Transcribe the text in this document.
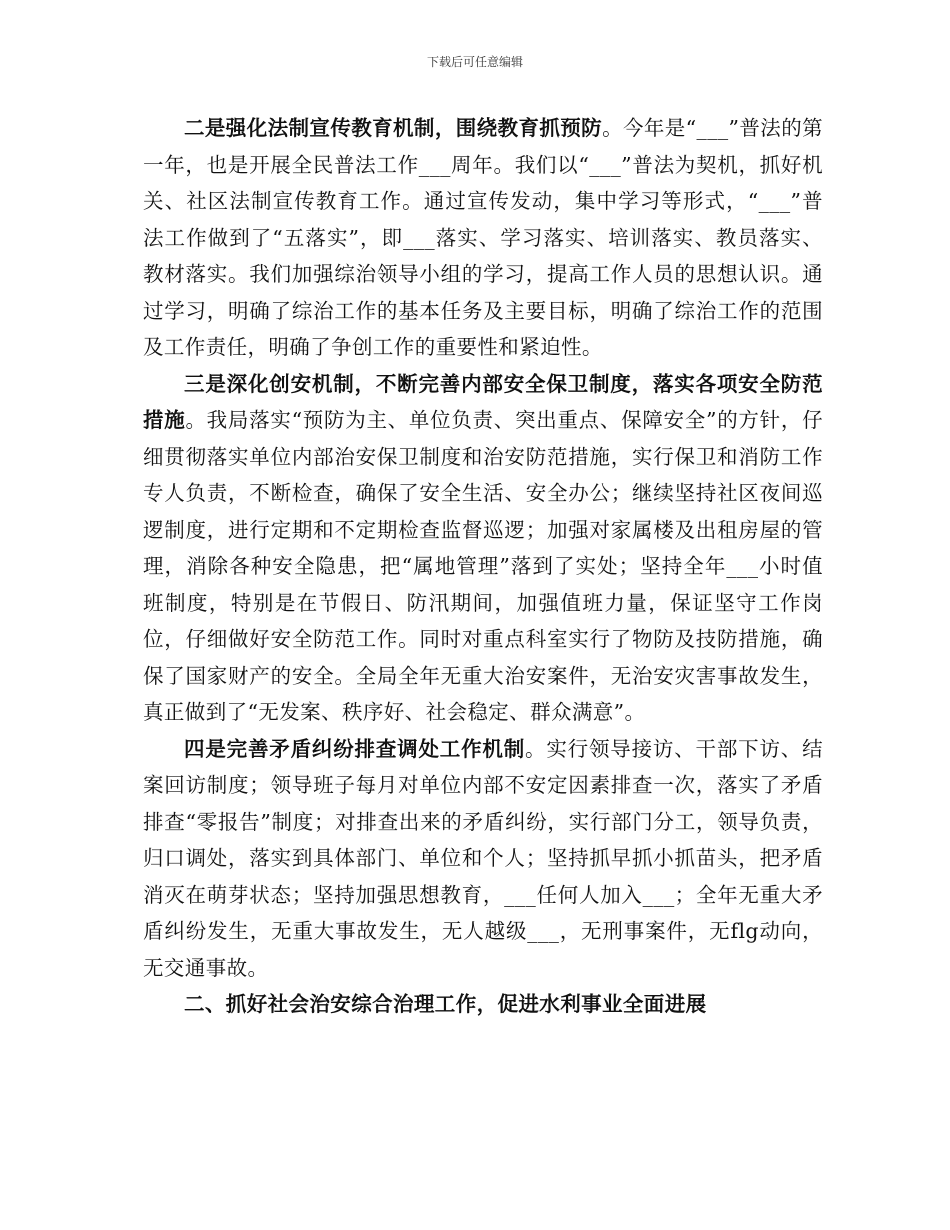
下载后可任意编辑

二是强化法制宣传教育机制，围绕教育抓预防。今年是“___”普法的第一年，也是开展全民普法工作___周年。我们以“___”普法为契机，抓好机关、社区法制宣传教育工作。通过宣传发动，集中学习等形式，“___”普法工作做到了“五落实”，即___落实、学习落实、培训落实、教员落实、教材落实。我们加强综治领导小组的学习，提高工作人员的思想认识。通过学习，明确了综治工作的基本任务及主要目标，明确了综治工作的范围及工作责任，明确了争创工作的重要性和紧迫性。

三是深化创安机制，不断完善内部安全保卫制度，落实各项安全防范措施。我局落实“预防为主、单位负责、突出重点、保障安全”的方针，仔细贯彻落实单位内部治安保卫制度和治安防范措施，实行保卫和消防工作专人负责，不断检查，确保了安全生活、安全办公；继续坚持社区夜间巡逻制度，进行定期和不定期检查监督巡逻；加强对家属楼及出租房屋的管理，消除各种安全隐患，把“属地管理”落到了实处；坚持全年___小时值班制度，特别是在节假日、防汛期间，加强值班力量，保证坚守工作岗位，仔细做好安全防范工作。同时对重点科室实行了物防及技防措施，确保了国家财产的安全。全局全年无重大治安案件，无治安灾害事故发生，真正做到了“无发案、秩序好、社会稳定、群众满意”。

四是完善矛盾纠纷排查调处工作机制。实行领导接访、干部下访、结案回访制度；领导班子每月对单位内部不安定因素排查一次，落实了矛盾排查“零报告”制度；对排查出来的矛盾纠纷，实行部门分工，领导负责，归口调处，落实到具体部门、单位和个人；坚持抓早抓小抓苗头，把矛盾消灭在萌芽状态；坚持加强思想教育，___任何人加入___；全年无重大矛盾纠纷发生，无重大事故发生，无人越级___，无刑事案件，无flg动向，无交通事故。

二、抓好社会治安综合治理工作，促进水利事业全面进展
